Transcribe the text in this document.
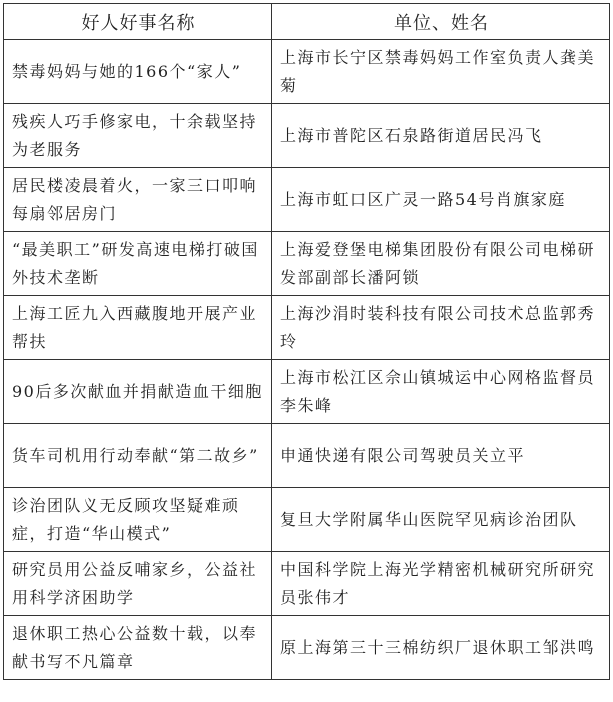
好人好事名称	单位、姓名
禁毒妈妈与她的166个“家人”	上海市长宁区禁毒妈妈工作室负责人龚美菊
残疾人巧手修家电，十余载坚持为老服务	上海市普陀区石泉路街道居民冯飞
居民楼凌晨着火，一家三口叩响每扇邻居房门	上海市虹口区广灵一路54号肖旗家庭
“最美职工”研发高速电梯打破国外技术垄断	上海爱登堡电梯集团股份有限公司电梯研发部副部长潘阿锁
上海工匠九入西藏腹地开展产业帮扶	上海沙涓时装科技有限公司技术总监郭秀玲
90后多次献血并捐献造血干细胞	上海市松江区佘山镇城运中心网格监督员李朱峰
货车司机用行动奉献“第二故乡”	申通快递有限公司驾驶员关立平
诊治团队义无反顾攻坚疑难顽症，打造“华山模式”	复旦大学附属华山医院罕见病诊治团队
研究员用公益反哺家乡，公益社用科学济困助学	中国科学院上海光学精密机械研究所研究员张伟才
退休职工热心公益数十载，以奉献书写不凡篇章	原上海第三十三棉纺织厂退休职工邹洪鸣
